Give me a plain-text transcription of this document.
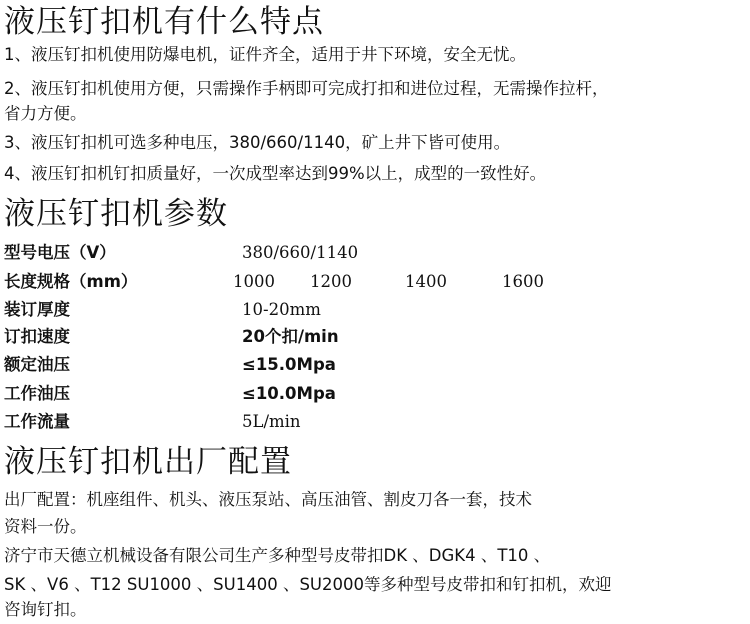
液压钉扣机有什么特点
1、液压钉扣机使用防爆电机，证件齐全，适用于井下环境，安全无忧。
2、液压钉扣机使用方便，只需操作手柄即可完成打扣和进位过程，无需操作拉杆，
省力方便。
3、液压钉扣机可选多种电压，380/660/1140，矿上井下皆可使用。
4、液压钉扣机钉扣质量好，一次成型率达到99%以上，成型的一致性好。
液压钉扣机参数
型号电压（V）	380/660/1140
长度规格（mm）	1000 1200	1400	1600
装订厚度	10-20mm
订扣速度	20个扣/min
额定油压	≤15.0Mpa
工作油压	≤10.0Mpa
工作流量	5L/min
液压钉扣机出厂配置
出厂配置：机座组件、机头、液压泵站、高压油管、割皮刀各一套，技术
资料一份。
济宁市天德立机械设备有限公司生产多种型号皮带扣DK 、DGK4 、T10 、
SK 、V6 、T12 SU1000 、SU1400 、SU2000等多种型号皮带扣和钉扣机，欢迎
咨询钉扣。
